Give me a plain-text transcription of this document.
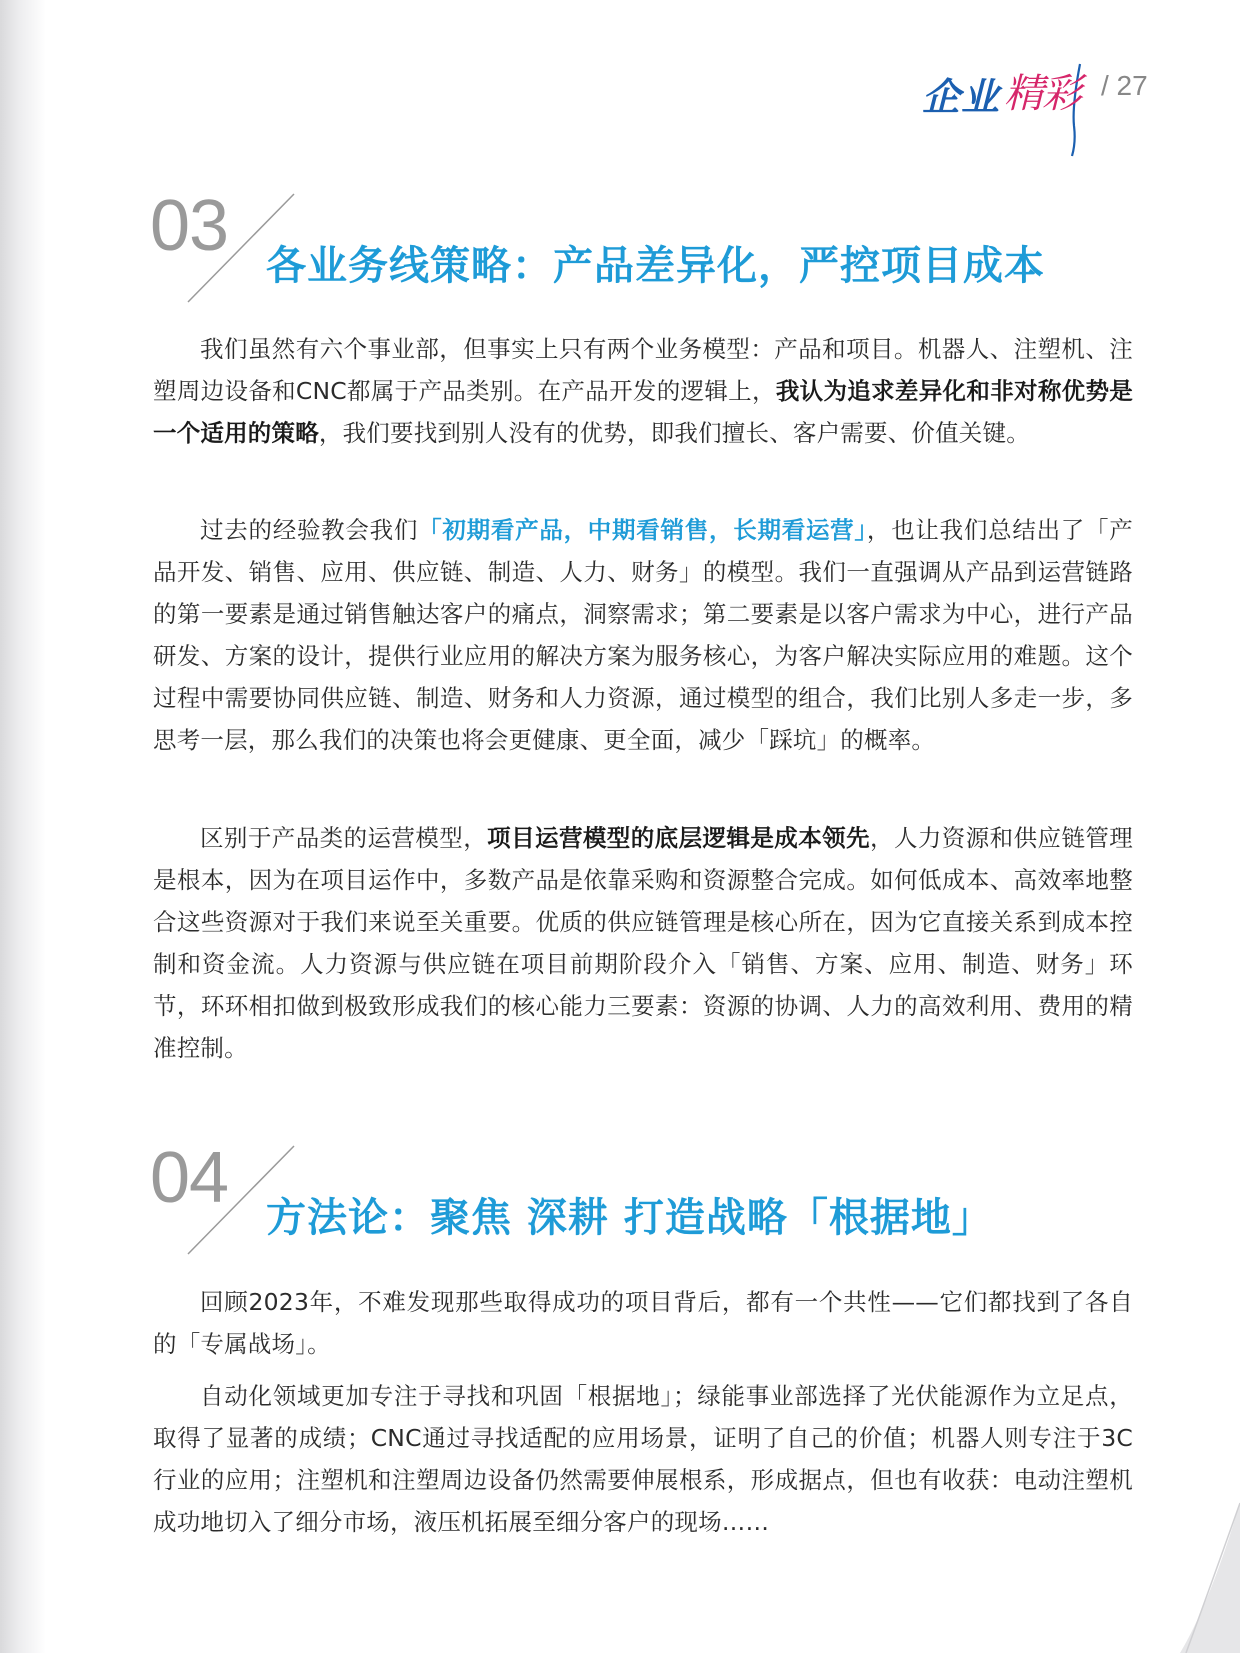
企业 精彩 / 27
03 各业务线策略：产品差异化，严控项目成本

我们虽然有六个事业部，但事实上只有两个业务模型：产品和项目。机器人、注塑机、注塑周边设备和CNC都属于产品类别。在产品开发的逻辑上，我认为追求差异化和非对称优势是一个适用的策略，我们要找到别人没有的优势，即我们擅长、客户需要、价值关键。

过去的经验教会我们「初期看产品，中期看销售，长期看运营」，也让我们总结出了「产品开发、销售、应用、供应链、制造、人力、财务」的模型。我们一直强调从产品到运营链路的第一要素是通过销售触达客户的痛点，洞察需求；第二要素是以客户需求为中心，进行产品研发、方案的设计，提供行业应用的解决方案为服务核心，为客户解决实际应用的难题。这个过程中需要协同供应链、制造、财务和人力资源，通过模型的组合，我们比别人多走一步，多思考一层，那么我们的决策也将会更健康、更全面，减少「踩坑」的概率。

区别于产品类的运营模型，项目运营模型的底层逻辑是成本领先，人力资源和供应链管理是根本，因为在项目运作中，多数产品是依靠采购和资源整合完成。如何低成本、高效率地整合这些资源对于我们来说至关重要。优质的供应链管理是核心所在，因为它直接关系到成本控制和资金流。人力资源与供应链在项目前期阶段介入「销售、方案、应用、制造、财务」环节，环环相扣做到极致形成我们的核心能力三要素：资源的协调、人力的高效利用、费用的精准控制。

04 方法论：聚焦 深耕 打造战略「根据地」

回顾2023年，不难发现那些取得成功的项目背后，都有一个共性——它们都找到了各自的「专属战场」。

自动化领域更加专注于寻找和巩固「根据地」；绿能事业部选择了光伏能源作为立足点，取得了显著的成绩；CNC通过寻找适配的应用场景，证明了自己的价值；机器人则专注于3C行业的应用；注塑机和注塑周边设备仍然需要伸展根系，形成据点，但也有收获：电动注塑机成功地切入了细分市场，液压机拓展至细分客户的现场……
